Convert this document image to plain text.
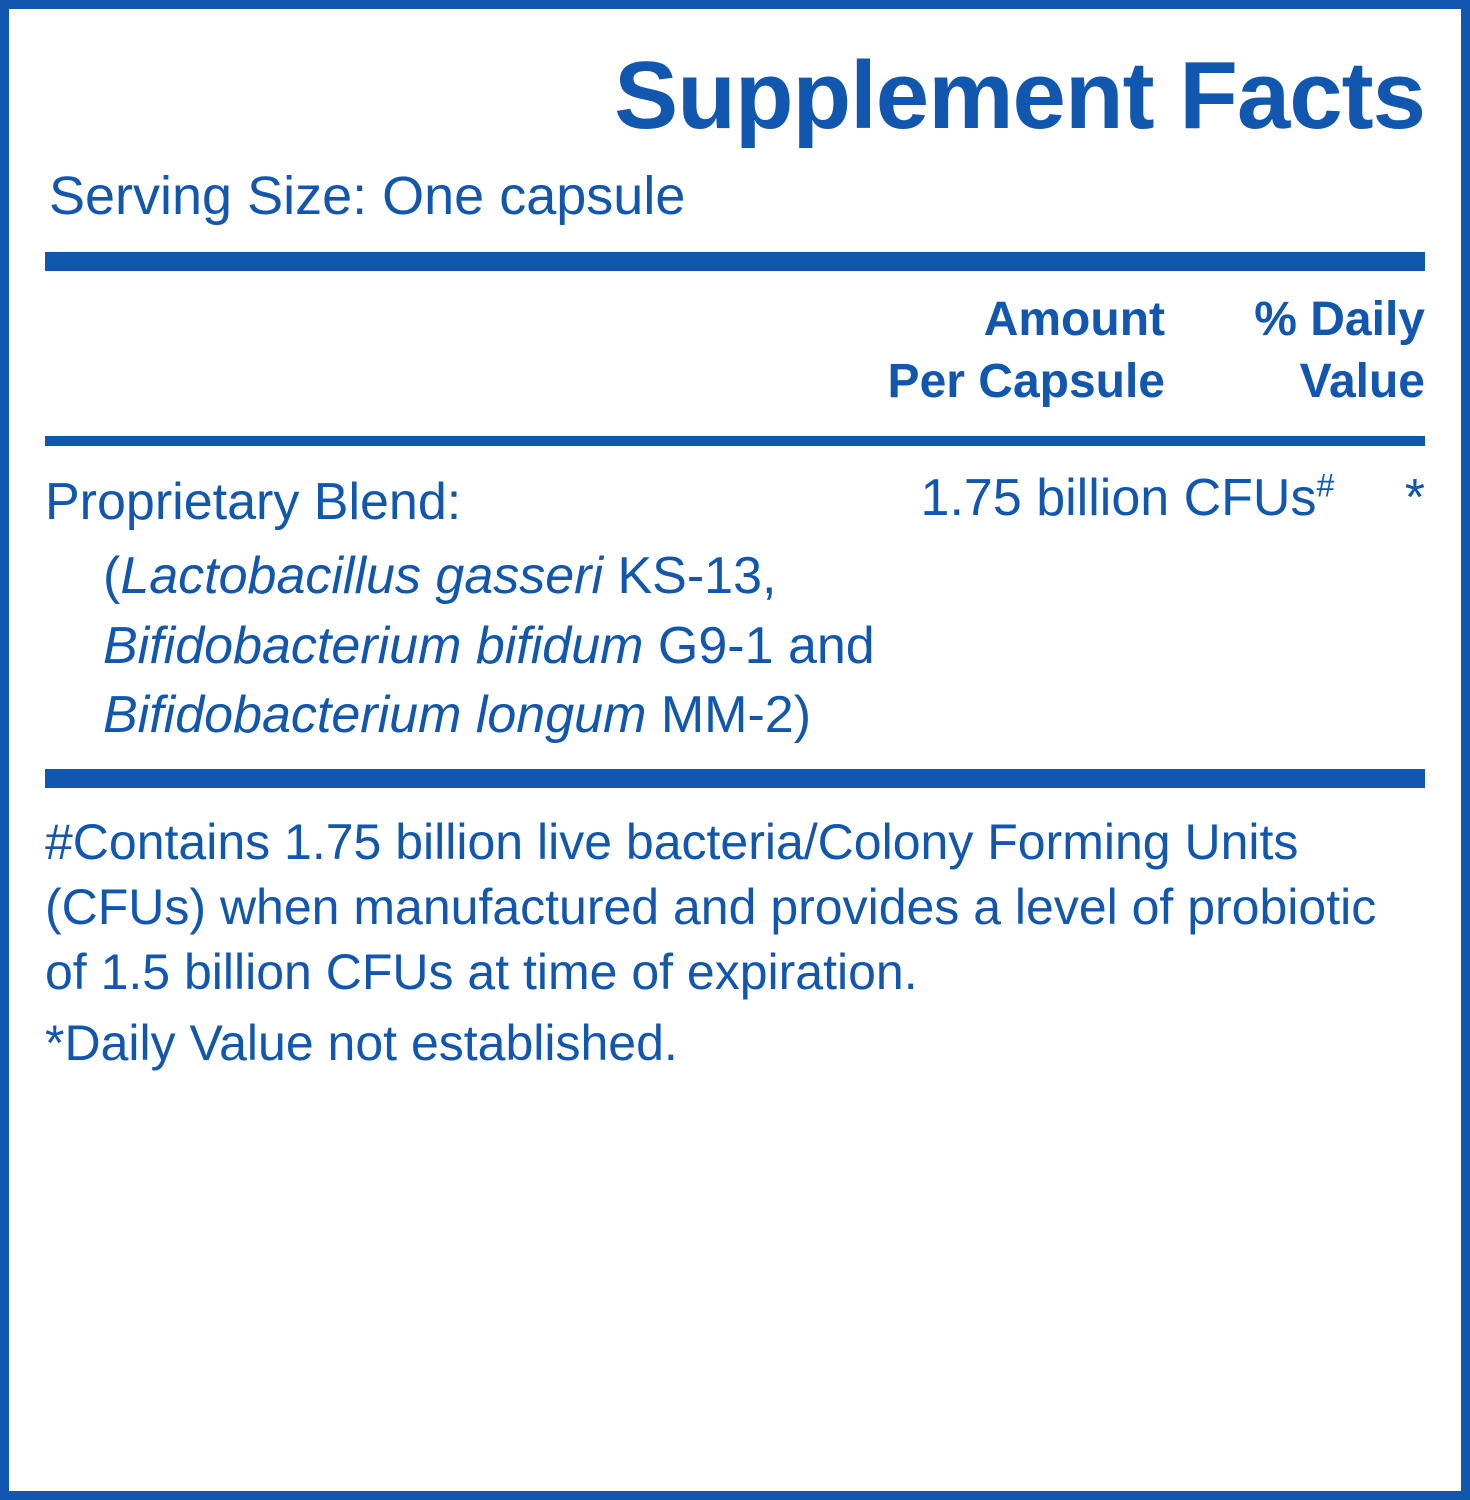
Supplement Facts
Serving Size: One capsule
Amount
Per Capsule
% Daily
Value
Proprietary Blend:
(Lactobacillus gasseri KS-13, Bifidobacterium bifidum G9-1 and Bifidobacterium longum MM-2)
1.75 billion CFUs#	*

#Contains 1.75 billion live bacteria/Colony Forming Units (CFUs) when manufactured and provides a level of probiotic of 1.5 billion CFUs at time of expiration.

*Daily Value not established.
